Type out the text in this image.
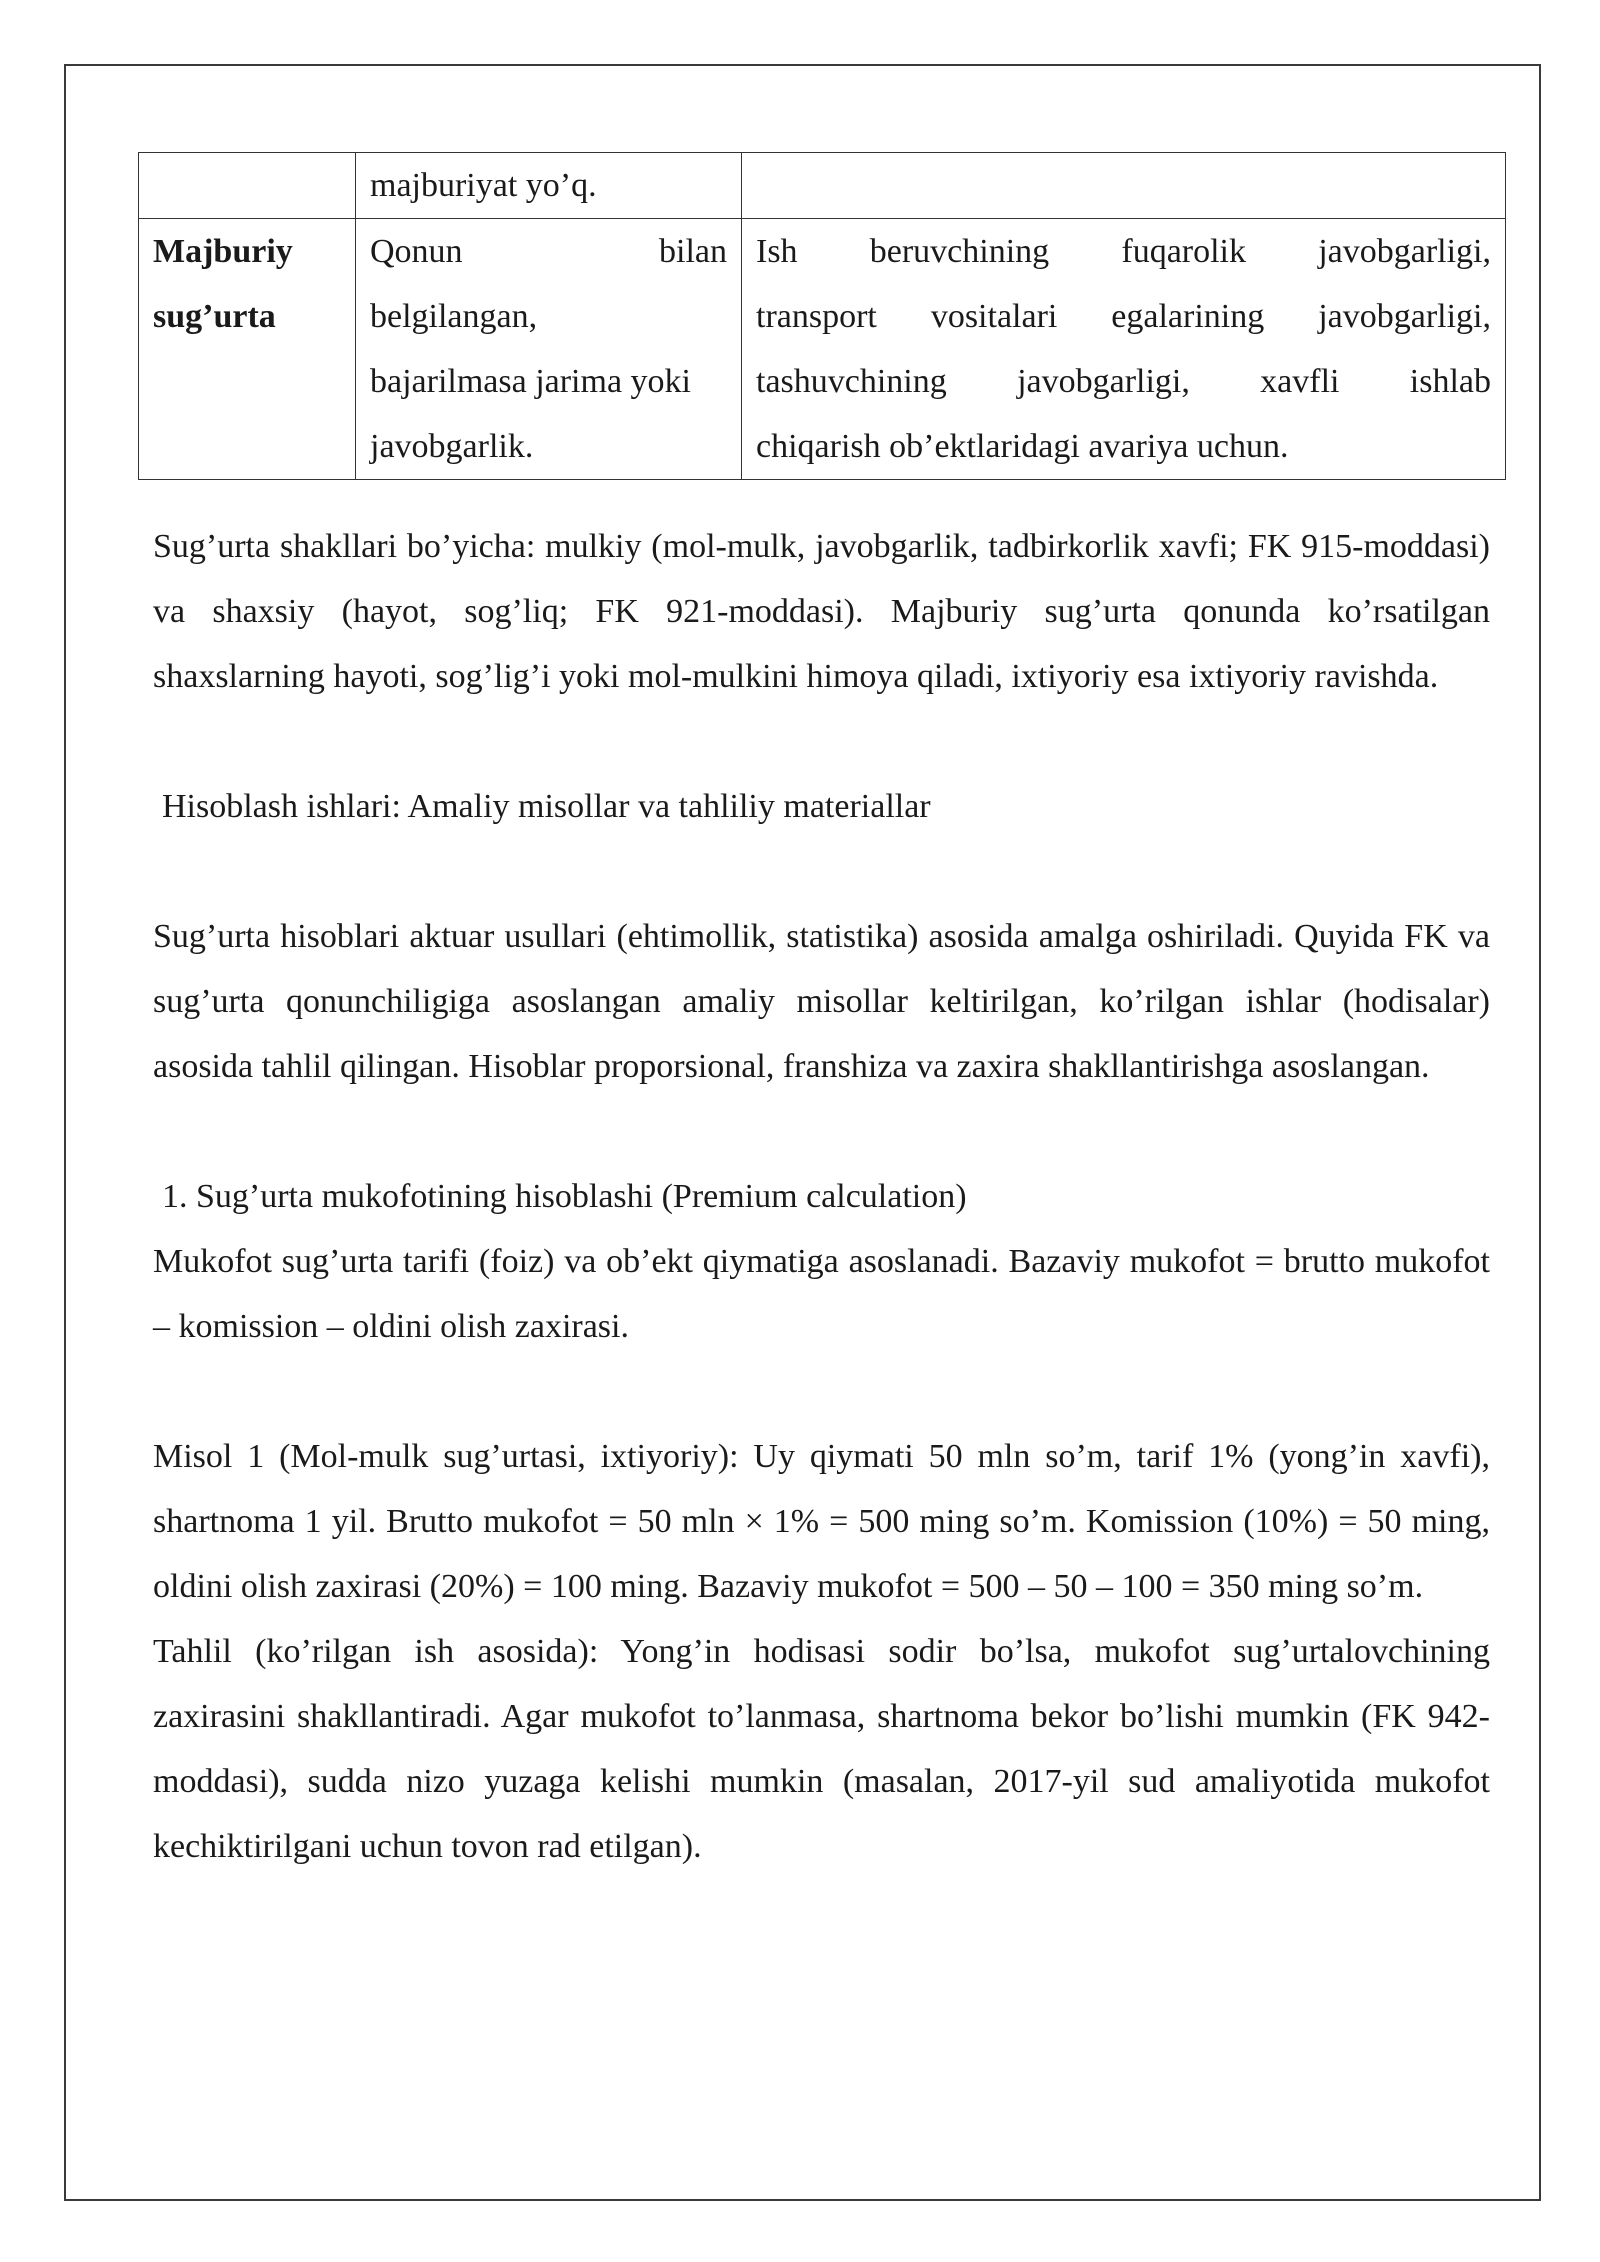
	majburiyat yo’q.	

Majburiy
sug’urta	Qonun bilan
belgilangan,
bajarilmasa jarima yoki
javobgarlik.	Ish beruvchining fuqarolik javobgarligi,
transport vositalari egalarining javobgarligi,
tashuvchining javobgarligi, xavfli ishlab
chiqarish ob’ektlaridagi avariya uchun.

Sug’urta shakllari bo’yicha: mulkiy (mol-mulk, javobgarlik, tadbirkorlik xavfi; FK 915-moddasi) va shaxsiy (hayot, sog’liq; FK 921-moddasi). Majburiy sug’urta qonunda ko’rsatilgan shaxslarning hayoti, sog’lig’i yoki mol-mulkini himoya qiladi, ixtiyoriy esa ixtiyoriy ravishda.

Hisoblash ishlari: Amaliy misollar va tahliliy materiallar

Sug’urta hisoblari aktuar usullari (ehtimollik, statistika) asosida amalga oshiriladi. Quyida FK va sug’urta qonunchiligiga asoslangan amaliy misollar keltirilgan, ko’rilgan ishlar (hodisalar) asosida tahlil qilingan. Hisoblar proporsional, franshiza va zaxira shakllantirishga asoslangan.

1. Sug’urta mukofotining hisoblashi (Premium calculation)

Mukofot sug’urta tarifi (foiz) va ob’ekt qiymatiga asoslanadi. Bazaviy mukofot = brutto mukofot – komission – oldini olish zaxirasi.

Misol 1 (Mol-mulk sug’urtasi, ixtiyoriy): Uy qiymati 50 mln so’m, tarif 1% (yong’in xavfi), shartnoma 1 yil. Brutto mukofot = 50 mln × 1% = 500 ming so’m. Komission (10%) = 50 ming, oldini olish zaxirasi (20%) = 100 ming. Bazaviy mukofot = 500 – 50 – 100 = 350 ming so’m.

Tahlil (ko’rilgan ish asosida): Yong’in hodisasi sodir bo’lsa, mukofot sug’urtalovchining zaxirasini shakllantiradi. Agar mukofot to’lanmasa, shartnoma bekor bo’lishi mumkin (FK 942-moddasi), sudda nizo yuzaga kelishi mumkin (masalan, 2017-yil sud amaliyotida mukofot kechiktirilgani uchun tovon rad etilgan).
